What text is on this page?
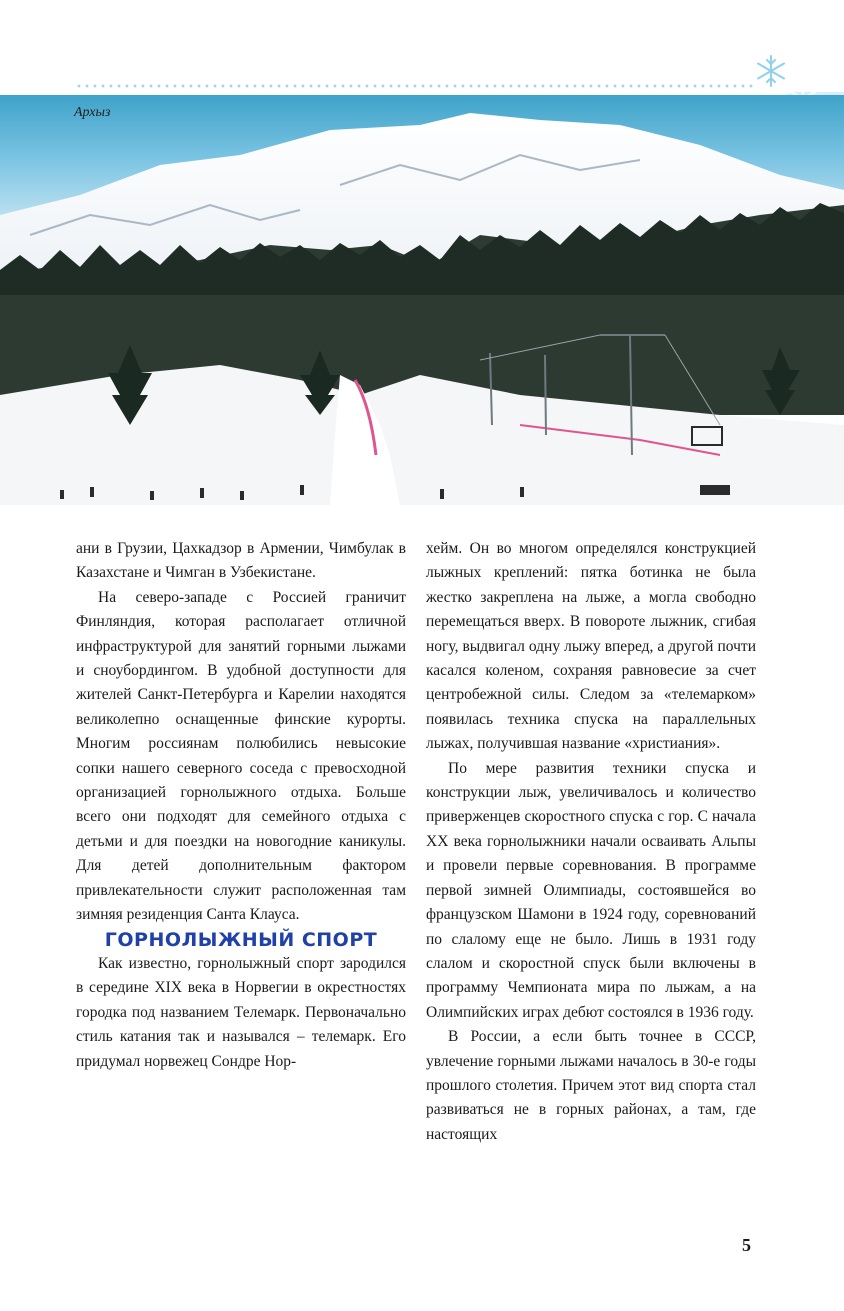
Архыз

ани в Грузии, Цахкадзор в Армении, Чимбулак в Казахстане и Чимган в Узбекистане.

На северо-западе с Россией граничит Финляндия, которая располагает отличной инфраструктурой для занятий горными лыжами и сноубордингом. В удобной доступности для жителей Санкт-Петербурга и Карелии находятся великолепно оснащенные финские курорты. Многим россиянам полюбились невысокие сопки нашего северного соседа с превосходной организацией горнолыжного отдыха. Больше всего они подходят для семейного отдыха с детьми и для поездки на новогодние каникулы. Для детей дополнительным фактором привлекательности служит расположенная там зимняя резиденция Санта Клауса.

ГОРНОЛЫЖНЫЙ СПОРТ

Как известно, горнолыжный спорт зародился в середине XIX века в Норвегии в окрестностях городка под названием Телемарк. Первоначально стиль катания так и назывался – телемарк. Его придумал норвежец Сондре Нор-

хейм. Он во многом определялся конструкцией лыжных креплений: пятка ботинка не была жестко закреплена на лыже, а могла свободно перемещаться вверх. В повороте лыжник, сгибая ногу, выдвигал одну лыжу вперед, а другой почти касался коленом, сохраняя равновесие за счет центробежной силы. Следом за «телемарком» появилась техника спуска на параллельных лыжах, получившая название «христиания».

По мере развития техники спуска и конструкции лыж, увеличивалось и количество приверженцев скоростного спуска с гор. С начала XX века горнолыжники начали осваивать Альпы и провели первые соревнования. В программе первой зимней Олимпиады, состоявшейся во французском Шамони в 1924 году, соревнований по слалому еще не было. Лишь в 1931 году слалом и скоростной спуск были включены в программу Чемпионата мира по лыжам, а на Олимпийских играх дебют состоялся в 1936 году.

В России, а если быть точнее в СССР, увлечение горными лыжами началось в 30-е годы прошлого столетия. Причем этот вид спорта стал развиваться не в горных районах, а там, где настоящих

5
